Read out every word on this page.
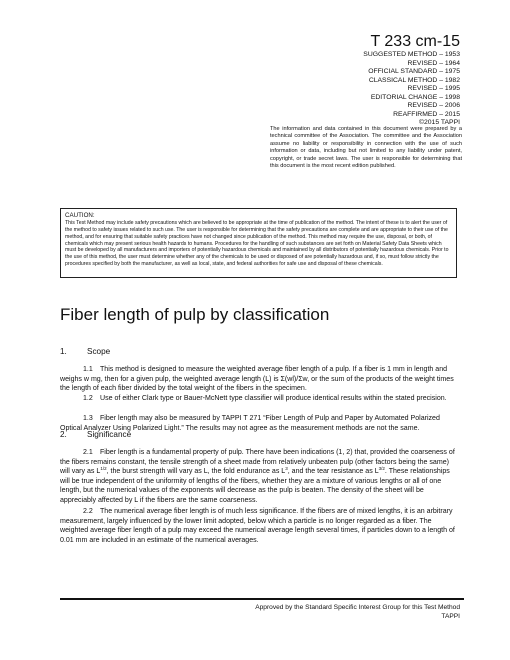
T 233 cm-15
SUGGESTED METHOD – 1953
REVISED – 1964
OFFICIAL STANDARD – 1975
CLASSICAL METHOD – 1982
REVISED – 1995
EDITORIAL CHANGE – 1998
REVISED – 2006
REAFFIRMED – 2015
©2015 TAPPI
The information and data contained in this document were prepared by a technical committee of the Association. The committee and the Association assume no liability or responsibility in connection with the use of such information or data, including but not limited to any liability under patent, copyright, or trade secret laws. The user is responsible for determining that this document is the most recent edition published.
CAUTION:
This Test Method may include safety precautions which are believed to be appropriate at the time of publication of the method. The intent of these is to alert the user of the method to safety issues related to such use. The user is responsible for determining that the safety precautions are complete and are appropriate to their use of the method, and for ensuring that suitable safety practices have not changed since publication of the method. This method may require the use, disposal, or both, of chemicals which may present serious health hazards to humans. Procedures for the handling of such substances are set forth on Material Safety Data Sheets which must be developed by all manufacturers and importers of potentially hazardous chemicals and maintained by all distributors of potentially hazardous chemicals. Prior to the use of this method, the user must determine whether any of the chemicals to be used or disposed of are potentially hazardous and, if so, must follow strictly the procedures specified by both the manufacturer, as well as local, state, and federal authorities for safe use and disposal of these chemicals.
Fiber length of pulp by classification
1. Scope
1.1 This method is designed to measure the weighted average fiber length of a pulp. If a fiber is 1 mm in length and weighs w mg, then for a given pulp, the weighted average length (L) is Σ(wl)/Σw, or the sum of the products of the weight times the length of each fiber divided by the total weight of the fibers in the specimen.
1.2 Use of either Clark type or Bauer-McNett type classifier will produce identical results within the stated precision.
1.3 Fiber length may also be measured by TAPPI T 271 “Fiber Length of Pulp and Paper by Automated Polarized Optical Analyzer Using Polarized Light.” The results may not agree as the measurement methods are not the same.
2. Significance
2.1 Fiber length is a fundamental property of pulp. There have been indications (1, 2) that, provided the coarseness of the fibers remains constant, the tensile strength of a sheet made from relatively unbeaten pulp (other factors being the same) will vary as $L^{1/2}$, the burst strength will vary as L, the fold endurance as $L^3$, and the tear resistance as $L^{3/2}$. These relationships will be true independent of the uniformity of lengths of the fibers, whether they are a mixture of various lengths or all of one length, but the numerical values of the exponents will decrease as the pulp is beaten. The density of the sheet will be appreciably affected by L if the fibers are the same coarseness.
2.2 The numerical average fiber length is of much less significance. If the fibers are of mixed lengths, it is an arbitrary measurement, largely influenced by the lower limit adopted, below which a particle is no longer regarded as a fiber. The weighted average fiber length of a pulp may exceed the numerical average length several times, if particles down to a length of 0.01 mm are included in an estimate of the numerical averages.
Approved by the Standard Specific Interest Group for this Test Method
TAPPI
